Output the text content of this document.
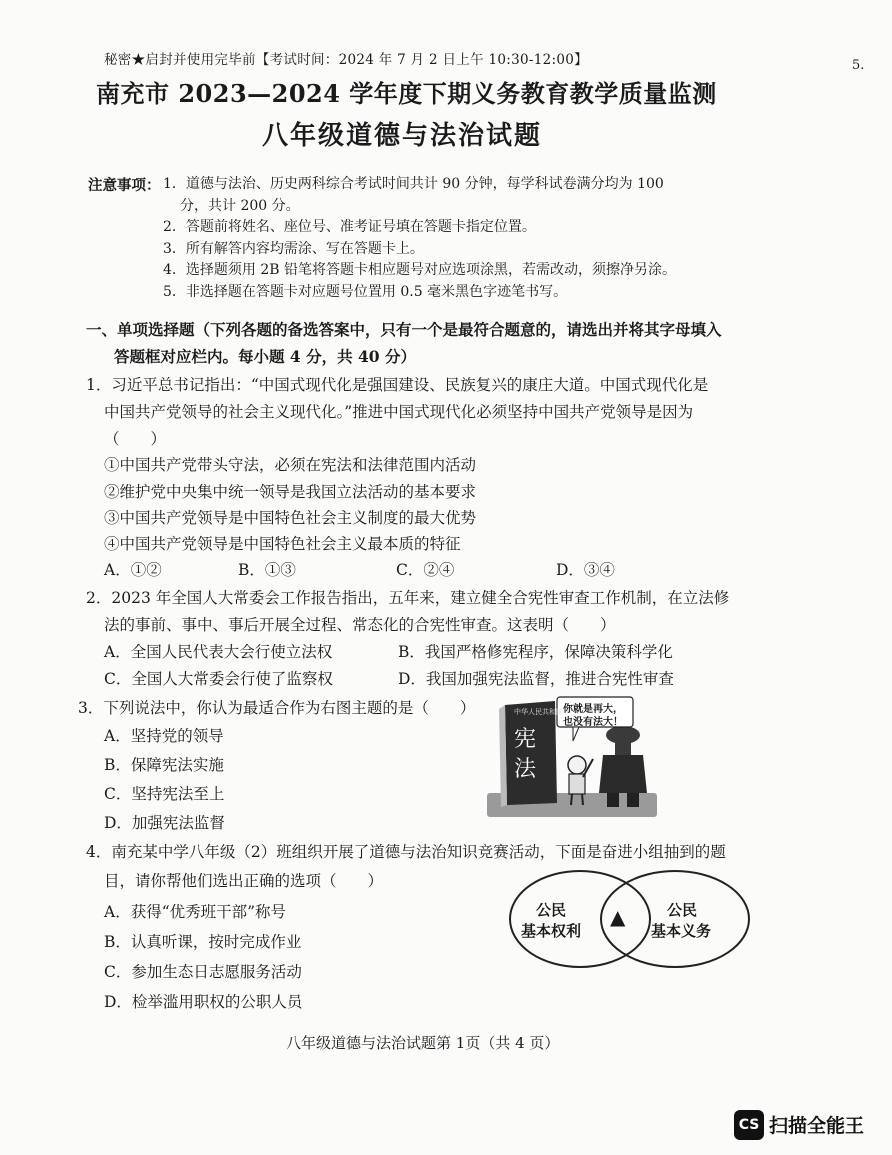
秘密★启封并使用完毕前【考试时间：2024 年 7 月 2 日上午 10:30-12:00】	5.
南充市 2023—2024 学年度下期义务教育教学质量监测
八年级道德与法治试题
注意事项： 1．道德与法治、历史两科综合考试时间共计 90 分钟，每学科试卷满分均为 100
分，共计 200 分。
2．答题前将姓名、座位号、准考证号填在答题卡指定位置。
3．所有解答内容均需涂、写在答题卡上。
4．选择题须用 2B 铅笔将答题卡相应题号对应选项涂黑，若需改动，须擦净另涂。
5．非选择题在答题卡对应题号位置用 0.5 毫米黑色字迹笔书写。
一、单项选择题（下列各题的备选答案中，只有一个是最符合题意的，请选出并将其字母填入
答题框对应栏内。每小题 4 分，共 40 分）
1．习近平总书记指出：“中国式现代化是强国建设、民族复兴的康庄大道。中国式现代化是
中国共产党领导的社会主义现代化。”推进中国式现代化必须坚持中国共产党领导是因为
（　　）
①中国共产党带头守法，必须在宪法和法律范围内活动
②维护党中央集中统一领导是我国立法活动的基本要求
③中国共产党领导是中国特色社会主义制度的最大优势
④中国共产党领导是中国特色社会主义最本质的特征
A．①②	B．①③	C．②④	D．③④
2．2023 年全国人大常委会工作报告指出，五年来，建立健全合宪性审查工作机制，在立法修
法的事前、事中、事后开展全过程、常态化的合宪性审查。这表明（　　）
A．全国人民代表大会行使立法权	B．我国严格修宪程序，保障决策科学化
C．全国人大常委会行使了监察权	D．我国加强宪法监督，推进合宪性审查
3．下列说法中，你认为最适合作为右图主题的是（　　）
A．坚持党的领导
B．保障宪法实施
C．坚持宪法至上
D．加强宪法监督
中华人民共和国
宪法
你就是再大，
也没有法大！
4．南充某中学八年级（2）班组织开展了道德与法治知识竞赛活动，下面是奋进小组抽到的题
目，请你帮他们选出正确的选项（　　）
A．获得“优秀班干部”称号
B．认真听课，按时完成作业
C．参加生态日志愿服务活动
D．检举滥用职权的公职人员
公民
基本权利
▲	公民
基本义务
八年级道德与法治试题第 1页（共 4 页）
CS 扫描全能王
